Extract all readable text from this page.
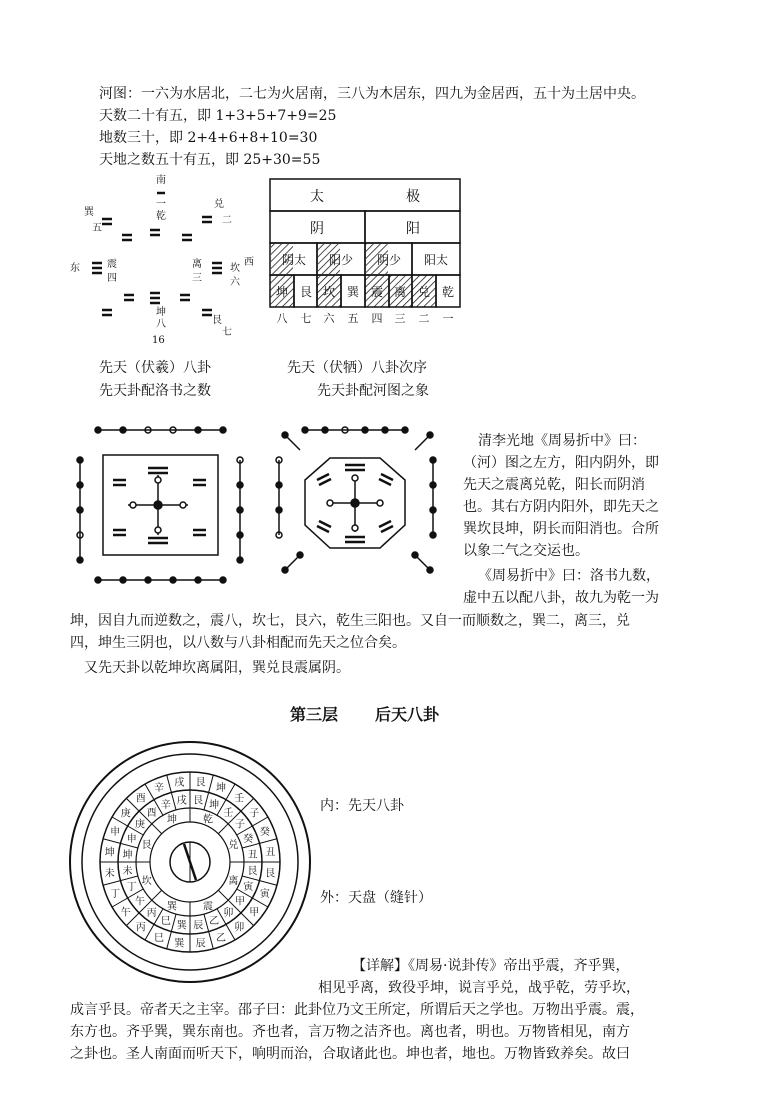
河图：一六为水居北，二七为火居南，三八为木居东，四九为金居西，五十为土居中央。
天数二十有五，即 1+3+5+7+9=25
地数三十，即 2+4+6+8+10=30
天地之数五十有五，即 25+30=55
南
一
乾
兑
二
离
三
震
四
东	坎
六
西
巽
五
艮
七
坤
八
16
太	极
阴	阳
阴太 阳少 阴少 阳太
坤 艮 坎 巽 震 离 兑 乾
八 七 六 五 四 三 二 一
先天（伏羲）八卦
先天卦配洛书之数
先天（伏牺）八卦次序
先天卦配河图之象
清李光地《周易折中》曰：
（河）图之左方，阳内阴外，即
先天之震离兑乾，阳长而阴消
也。其右方阴内阳外，即先天之
巽坎艮坤，阴长而阳消也。合所
以象二气之交运也。
《周易折中》曰：洛书九数，
虚中五以配八卦，故九为乾一为
坤，因自九而逆数之，震八，坎七，艮六，乾生三阳也。又自一而顺数之，巽二，离三，兑
四，坤生三阴也，以八数与八卦相配而先天之位合矣。
又先天卦以乾坤坎离属阳，巽兑艮震属阴。
第三层 后天八卦
乾
兑
离
震
巽
坎
艮
坤
艮 坤
壬
子
癸
丑
艮
寅
甲
卯
乙
辰
巽
巳
丙
午
丁
未
坤
申
庚
酉
辛 戌
艮 坤
壬
子
癸
丑
艮
寅
甲
卯
乙
辰
巽
巳
丙
午
丁
未
坤
申
庚
酉
辛 戌
内：先天八卦
外：天盘（缝针）
【详解】《周易·说卦传》帝出乎震，齐乎巽，
相见乎离，致役乎坤，说言乎兑，战乎乾，劳乎坎，
成言乎艮。帝者天之主宰。邵子曰：此卦位乃文王所定，所谓后天之学也。万物出乎震。震，
东方也。齐乎巽，巽东南也。齐也者，言万物之洁齐也。离也者，明也。万物皆相见，南方
之卦也。圣人南面而听天下，响明而治，合取诸此也。坤也者，地也。万物皆致养矣。故曰
